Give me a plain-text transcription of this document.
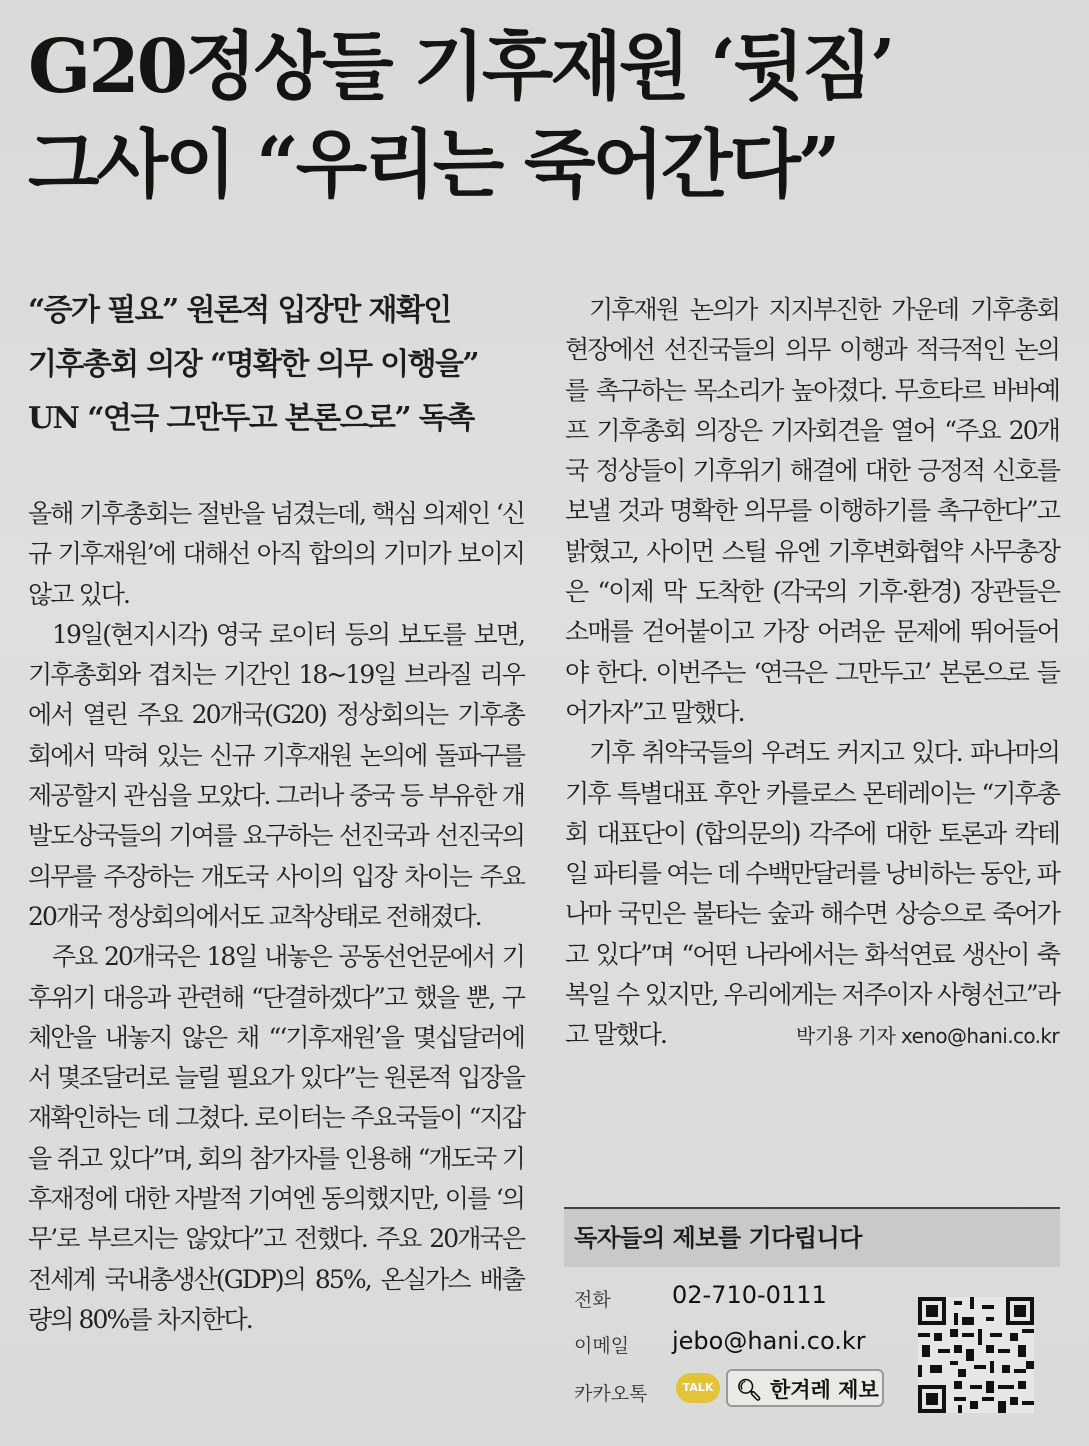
G20정상들 기후재원 ‘뒷짐’
그사이 “우리는 죽어간다”
“증가 필요” 원론적 입장만 재확인
기후총회 의장 “명확한 의무 이행을”
UN “연극 그만두고 본론으로” 독촉

올해 기후총회는 절반을 넘겼는데, 핵심 의제인 ‘신규 기후재원’에 대해선 아직 합의의 기미가 보이지 않고 있다.

19일(현지시각) 영국 로이터 등의 보도를 보면, 기후총회와 겹치는 기간인 18~19일 브라질 리우에서 열린 주요 20개국(G20) 정상회의는 기후총회에서 막혀 있는 신규 기후재원 논의에 돌파구를 제공할지 관심을 모았다. 그러나 중국 등 부유한 개발도상국들의 기여를 요구하는 선진국과 선진국의 의무를 주장하는 개도국 사이의 입장 차이는 주요 20개국 정상회의에서도 교착상태로 전해졌다.

주요 20개국은 18일 내놓은 공동선언문에서 기후위기 대응과 관련해 “단결하겠다”고 했을 뿐, 구체안을 내놓지 않은 채 “‘기후재원’을 몇십달러에서 몇조달러로 늘릴 필요가 있다”는 원론적 입장을 재확인하는 데 그쳤다. 로이터는 주요국들이 “지갑을 쥐고 있다”며, 회의 참가자를 인용해 “개도국 기후재정에 대한 자발적 기여엔 동의했지만, 이를 ‘의무’로 부르지는 않았다”고 전했다. 주요 20개국은 전세계 국내총생산(GDP)의 85%, 온실가스 배출량의 80%를 차지한다.

기후재원 논의가 지지부진한 가운데 기후총회 현장에선 선진국들의 의무 이행과 적극적인 논의를 촉구하는 목소리가 높아졌다. 무흐타르 바바예프 기후총회 의장은 기자회견을 열어 “주요 20개국 정상들이 기후위기 해결에 대한 긍정적 신호를 보낼 것과 명확한 의무를 이행하기를 촉구한다”고 밝혔고, 사이먼 스틸 유엔 기후변화협약 사무총장은 “이제 막 도착한 (각국의 기후·환경) 장관들은 소매를 걷어붙이고 가장 어려운 문제에 뛰어들어야 한다. 이번주는 ‘연극은 그만두고’ 본론으로 들어가자”고 말했다.

기후 취약국들의 우려도 커지고 있다. 파나마의 기후 특별대표 후안 카를로스 몬테레이는 “기후총회 대표단이 (합의문의) 각주에 대한 토론과 칵테일 파티를 여는 데 수백만달러를 낭비하는 동안, 파나마 국민은 불타는 숲과 해수면 상승으로 죽어가고 있다”며 “어떤 나라에서는 화석연료 생산이 축복일 수 있지만, 우리에게는 저주이자 사형선고”라고 말했다.	박기용 기자 xeno@hani.co.kr
독자들의 제보를 기다립니다
전화	02-710-0111
이메일 jebo@hani.co.kr
카카오톡	TALK	🔍︎ 한겨레 제보
